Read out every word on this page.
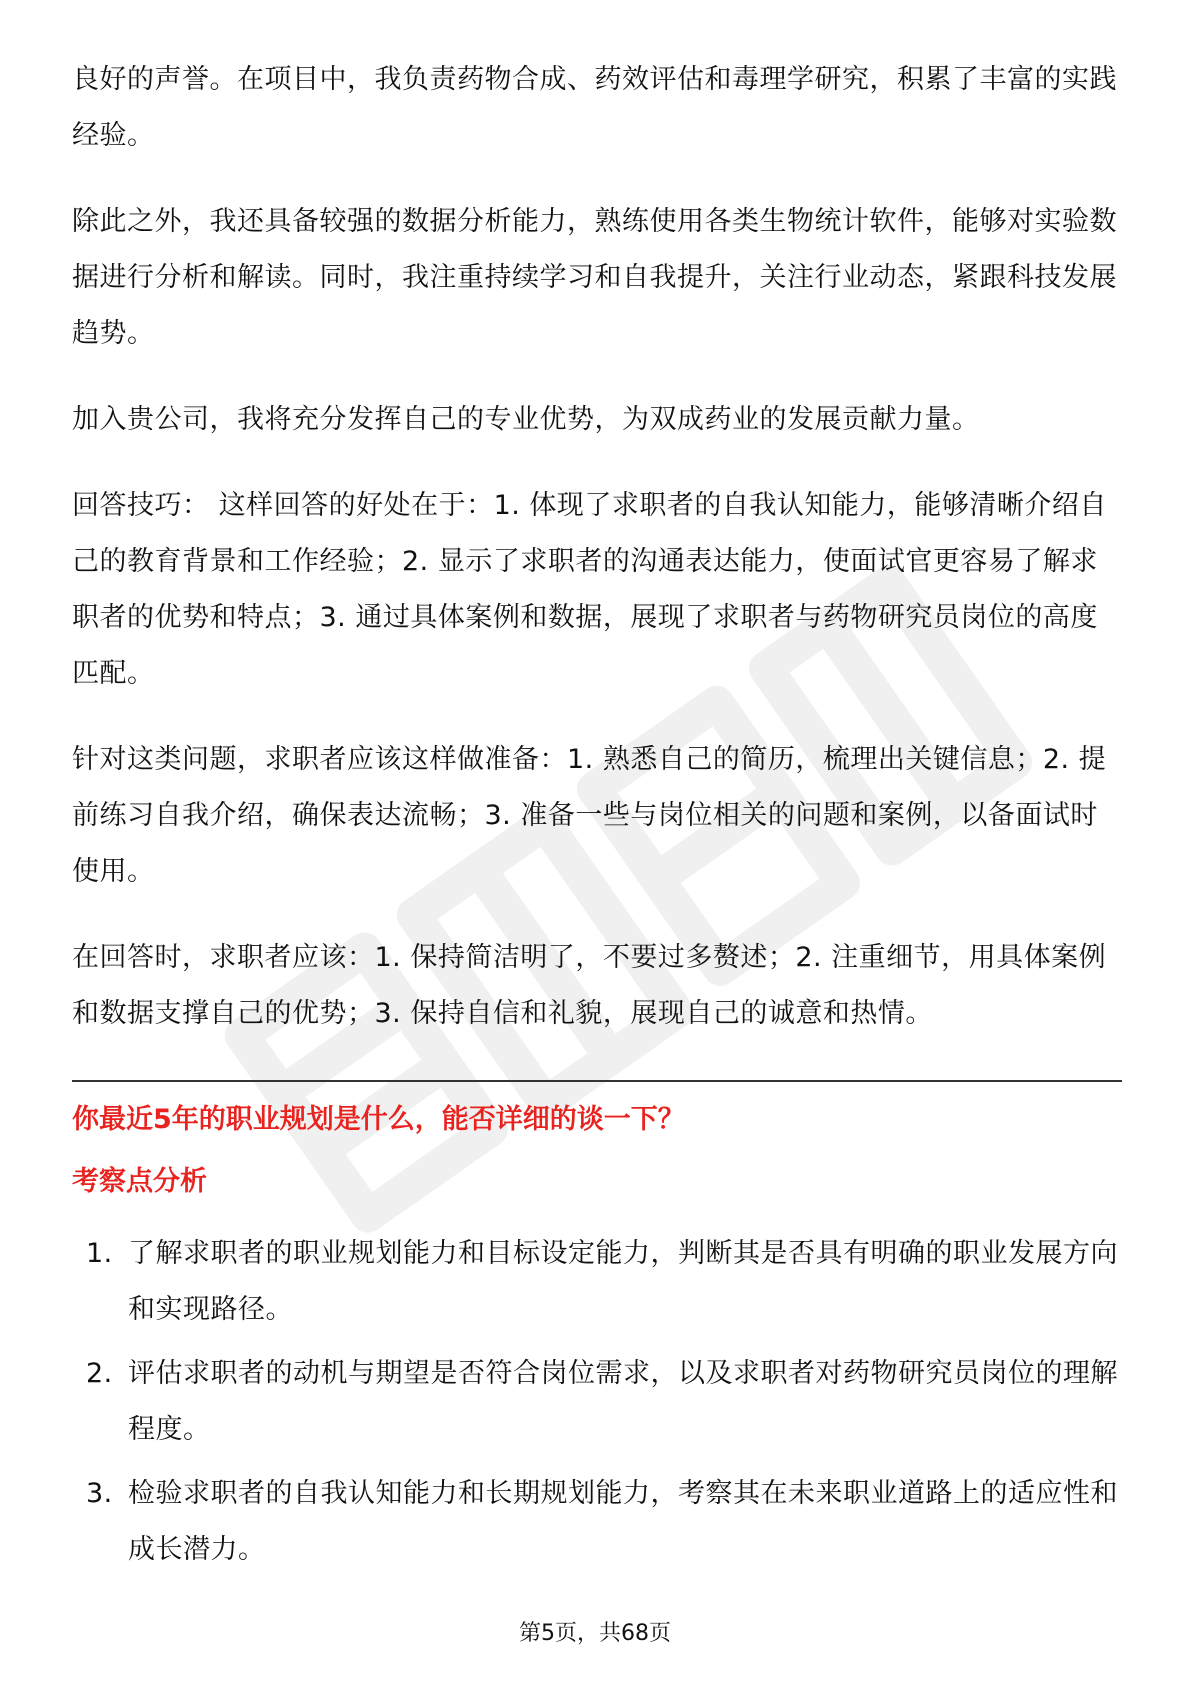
良好的声誉。在项目中，我负责药物合成、药效评估和毒理学研究，积累了丰富的实践经验。

除此之外，我还具备较强的数据分析能力，熟练使用各类生物统计软件，能够对实验数据进行分析和解读。同时，我注重持续学习和自我提升，关注行业动态，紧跟科技发展趋势。

加入贵公司，我将充分发挥自己的专业优势，为双成药业的发展贡献力量。

回答技巧： 这样回答的好处在于：1. 体现了求职者的自我认知能力，能够清晰介绍自己的教育背景和工作经验；2. 显示了求职者的沟通表达能力，使面试官更容易了解求职者的优势和特点；3. 通过具体案例和数据，展现了求职者与药物研究员岗位的高度匹配。

针对这类问题，求职者应该这样做准备：1. 熟悉自己的简历，梳理出关键信息；2. 提前练习自我介绍，确保表达流畅；3. 准备一些与岗位相关的问题和案例，以备面试时使用。

在回答时，求职者应该：1. 保持简洁明了，不要过多赘述；2. 注重细节，用具体案例和数据支撑自己的优势；3. 保持自信和礼貌，展现自己的诚意和热情。

你最近5年的职业规划是什么，能否详细的谈一下？
考察点分析
1. 了解求职者的职业规划能力和目标设定能力，判断其是否具有明确的职业发展方向和实现路径。
2. 评估求职者的动机与期望是否符合岗位需求，以及求职者对药物研究员岗位的理解程度。
3. 检验求职者的自我认知能力和长期规划能力，考察其在未来职业道路上的适应性和成长潜力。
第5页，共68页
